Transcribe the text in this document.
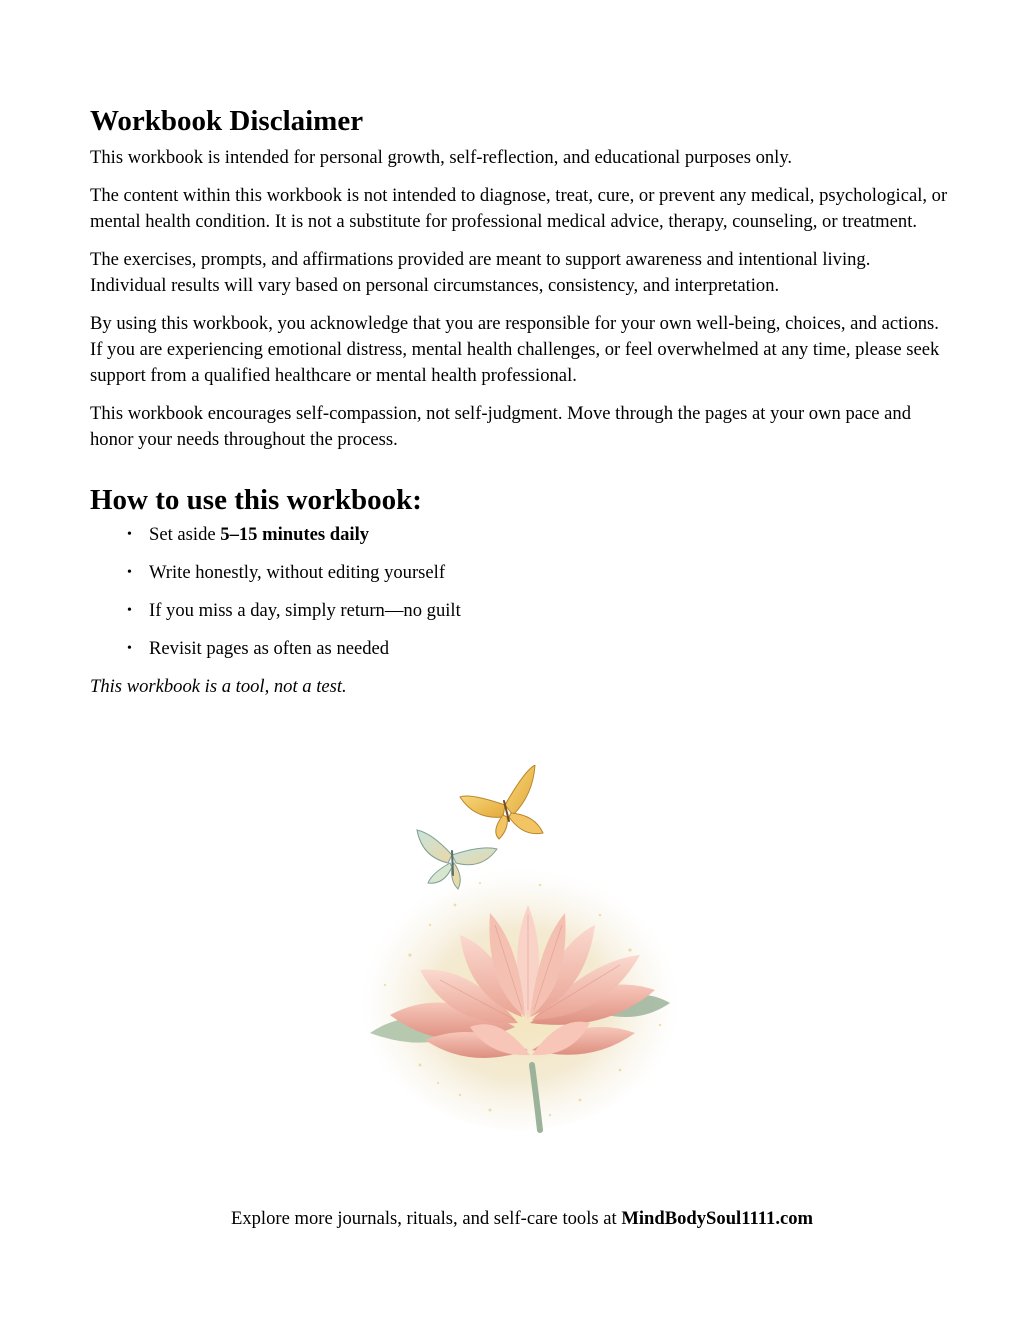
Workbook Disclaimer

This workbook is intended for personal growth, self-reflection, and educational purposes only.

The content within this workbook is not intended to diagnose, treat, cure, or prevent any medical, psychological, or mental health condition. It is not a substitute for professional medical advice, therapy, counseling, or treatment.

The exercises, prompts, and affirmations provided are meant to support awareness and intentional living. Individual results will vary based on personal circumstances, consistency, and interpretation.

By using this workbook, you acknowledge that you are responsible for your own well-being, choices, and actions. If you are experiencing emotional distress, mental health challenges, or feel overwhelmed at any time, please seek support from a qualified healthcare or mental health professional.

This workbook encourages self-compassion, not self-judgment. Move through the pages at your own pace and honor your needs throughout the process.

How to use this workbook:
• Set aside 5–15 minutes daily
• Write honestly, without editing yourself
• If you miss a day, simply return—no guilt
• Revisit pages as often as needed

This workbook is a tool, not a test.

Explore more journals, rituals, and self-care tools at MindBodySoul1111.com
